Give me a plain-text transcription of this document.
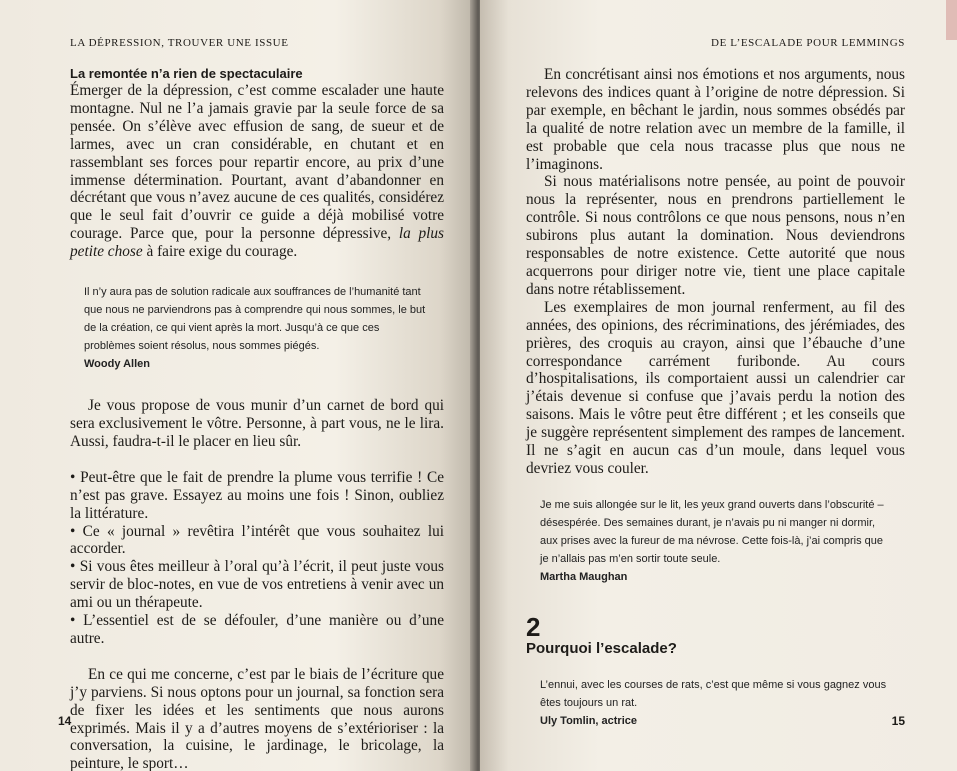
LA DÉPRESSION, TROUVER UNE ISSUE
La remontée n’a rien de spectaculaire

Émerger de la dépression, c’est comme escalader une haute montagne. Nul ne l’a jamais gravie par la seule force de sa pensée. On s’élève avec effusion de sang, de sueur et de larmes, avec un cran considérable, en chutant et en rassemblant ses forces pour repartir encore, au prix d’une immense détermination. Pourtant, avant d’abandonner en décrétant que vous n’avez aucune de ces qualités, considérez que le seul fait d’ouvrir ce guide a déjà mobilisé votre courage. Parce que, pour la personne dépressive, la plus petite chose à faire exige du courage.

Il n’y aura pas de solution radicale aux souffrances de l’humanité tant que nous ne parviendrons pas à comprendre qui nous sommes, le but de la création, ce qui vient après la mort. Jusqu’à ce que ces problèmes soient résolus, nous sommes piégés.
Woody Allen

Je vous propose de vous munir d’un carnet de bord qui sera exclusivement le vôtre. Personne, à part vous, ne le lira. Aussi, faudra-t-il le placer en lieu sûr.

• Peut-être que le fait de prendre la plume vous terrifie ! Ce n’est pas grave. Essayez au moins une fois ! Sinon, oubliez la littérature.
• Ce « journal » revêtira l’intérêt que vous souhaitez lui accorder.
• Si vous êtes meilleur à l’oral qu’à l’écrit, il peut juste vous servir de bloc-notes, en vue de vos entretiens à venir avec un ami ou un thérapeute.
• L’essentiel est de se défouler, d’une manière ou d’une autre.

En ce qui me concerne, c’est par le biais de l’écriture que j’y parviens. Si nous optons pour un journal, sa fonction sera de fixer les idées et les sentiments que nous aurons exprimés. Mais il y a d’autres moyens de s’extérioriser : la conversation, la cuisine, le jardinage, le bricolage, la peinture, le sport…

14
DE L’ESCALADE POUR LEMMINGS

En concrétisant ainsi nos émotions et nos arguments, nous relevons des indices quant à l’origine de notre dépression. Si par exemple, en bêchant le jardin, nous sommes obsédés par la qualité de notre relation avec un membre de la famille, il est probable que cela nous tracasse plus que nous ne l’imaginons.

Si nous matérialisons notre pensée, au point de pouvoir nous la représenter, nous en prendrons partiellement le contrôle. Si nous contrôlons ce que nous pensons, nous n’en subirons plus autant la domination. Nous deviendrons responsables de notre existence. Cette autorité que nous acquerrons pour diriger notre vie, tient une place capitale dans notre rétablissement.

Les exemplaires de mon journal renferment, au fil des années, des opinions, des récriminations, des jérémiades, des prières, des croquis au crayon, ainsi que l’ébauche d’une correspondance carrément furibonde. Au cours d’hospitalisations, ils comportaient aussi un calendrier car j’étais devenue si confuse que j’avais perdu la notion des saisons. Mais le vôtre peut être différent ; et les conseils que je suggère représentent simplement des rampes de lancement. Il ne s’agit en aucun cas d’un moule, dans lequel vous devriez vous couler.

Je me suis allongée sur le lit, les yeux grand ouverts dans l’obscurité – désespérée. Des semaines durant, je n’avais pu ni manger ni dormir, aux prises avec la fureur de ma névrose. Cette fois-là, j’ai compris que je n’allais pas m’en sortir toute seule.
Martha Maughan
2
Pourquoi l’escalade?
L’ennui, avec les courses de rats, c’est que même si vous gagnez vous êtes toujours un rat.
Uly Tomlin, actrice	15
